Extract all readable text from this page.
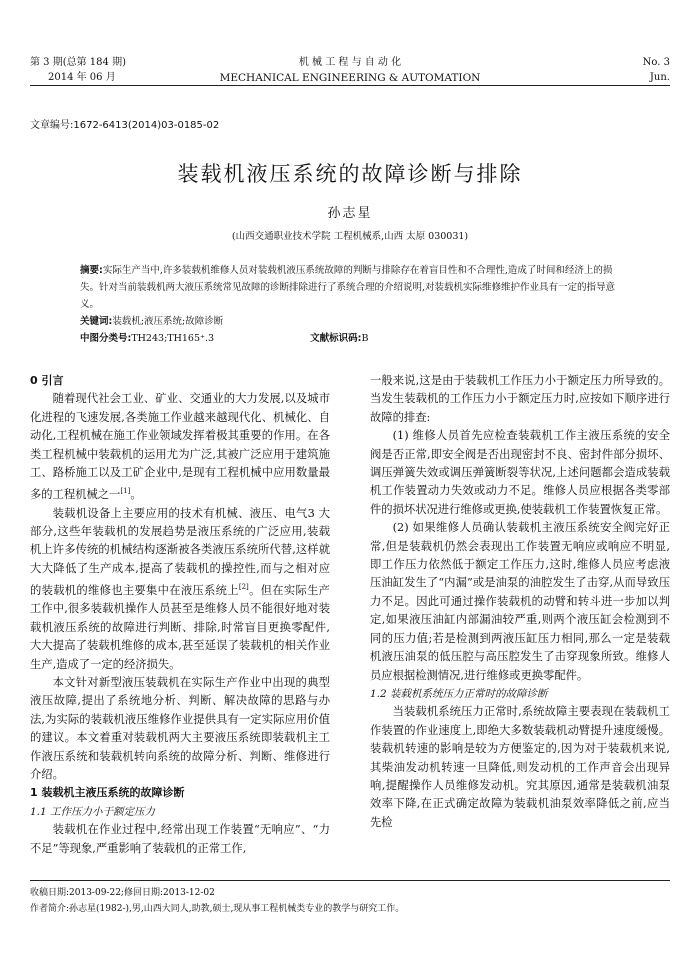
第 3 期(总第 184 期)
2014 年 06 月
机 械 工 程 与 自 动 化
MECHANICAL ENGINEERING & AUTOMATION
No. 3
Jun.
文章编号:1672-6413(2014)03-0185-02
装载机液压系统的故障诊断与排除
孙志星
(山西交通职业技术学院 工程机械系,山西 太原 030031)
摘要:实际生产当中,许多装载机维修人员对装载机液压系统故障的判断与排除存在着盲目性和不合理性,造成了时间和经济上的损失。针对当前装载机两大液压系统常见故障的诊断排除进行了系统合理的介绍说明,对装载机实际维修维护作业具有一定的指导意义。
关键词:装载机;液压系统;故障诊断
中图分类号:TH243;TH165⁺.3	文献标识码:B

0 引言

随着现代社会工业、矿业、交通业的大力发展,以及城市化进程的飞速发展,各类施工作业越来越现代化、机械化、自动化,工程机械在施工作业领域发挥着极其重要的作用。在各类工程机械中装载机的运用尤为广泛,其被广泛应用于建筑施工、路桥施工以及工矿企业中,是现有工程机械中应用数量最多的工程机械之一[1]。

装载机设备上主要应用的技术有机械、液压、电气3 大部分,这些年装载机的发展趋势是液压系统的广泛应用,装载机上许多传统的机械结构逐渐被各类液压系统所代替,这样就大大降低了生产成本,提高了装载机的操控性,而与之相对应的装载机的维修也主要集中在液压系统上[2]。但在实际生产工作中,很多装载机操作人员甚至是维修人员不能很好地对装载机液压系统的故障进行判断、排除,时常盲目更换零配件,大大提高了装载机维修的成本,甚至延误了装载机的相关作业生产,造成了一定的经济损失。

本文针对新型液压装载机在实际生产作业中出现的典型液压故障,提出了系统地分析、判断、解决故障的思路与办法,为实际的装载机液压维修作业提供具有一定实际应用价值的建议。本文着重对装载机两大主要液压系统即装载机主工作液压系统和装载机转向系统的故障分析、判断、维修进行介绍。

1 装载机主液压系统的故障诊断

1.1 工作压力小于额定压力

装载机在作业过程中,经常出现工作装置“无响应”、“力不足”等现象,严重影响了装载机的正常工作,

一般来说,这是由于装载机工作压力小于额定压力所导致的。当发生装载机的工作压力小于额定压力时,应按如下顺序进行故障的排查:

(1) 维修人员首先应检查装载机工作主液压系统的安全阀是否正常,即安全阀是否出现密封不良、密封件部分损坏、调压弹簧失效或调压弹簧断裂等状况,上述问题都会造成装载机工作装置动力失效或动力不足。维修人员应根据各类零部件的损坏状况进行维修或更换,使装载机工作装置恢复正常。

(2) 如果维修人员确认装载机主液压系统安全阀完好正常,但是装载机仍然会表现出工作装置无响应或响应不明显,即工作压力依然低于额定工作压力,这时,维修人员应考虑液压油缸发生了“内漏”或是油泵的油腔发生了击穿,从而导致压力不足。因此可通过操作装载机的动臂和转斗进一步加以判定,如果液压油缸内部漏油较严重,则两个液压缸会检测到不同的压力值;若是检测到两液压缸压力相同,那么一定是装载机液压油泵的低压腔与高压腔发生了击穿现象所致。维修人员应根据检测情况,进行维修或更换零配件。

1.2 装载机系统压力正常时的故障诊断

当装载机系统压力正常时,系统故障主要表现在装载机工作装置的作业速度上,即绝大多数装载机动臂提升速度缓慢。装载机转速的影响是较为方便鉴定的,因为对于装载机来说,其柴油发动机转速一旦降低,则发动机的工作声音会出现异响,提醒操作人员维修发动机。究其原因,通常是装载机油泵效率下降,在正式确定故障为装载机油泵效率降低之前,应当先检

收稿日期:2013-09-22;修回日期:2013-12-02
作者简介:孙志星(1982-),男,山西大同人,助教,硕士,现从事工程机械类专业的教学与研究工作。
